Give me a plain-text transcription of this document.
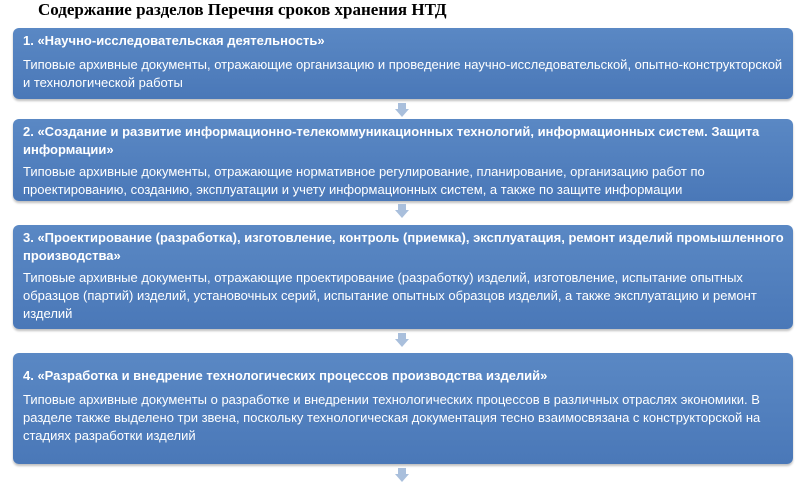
Содержание разделов Перечня сроков хранения НТД
1. «Научно-исследовательская деятельность»
Типовые архивные документы, отражающие организацию и проведение научно-исследовательской, опытно-конструкторской и технологической работы
2. «Создание и развитие информационно-телекоммуникационных технологий, информационных систем. Защита информации»
Типовые архивные документы, отражающие нормативное регулирование, планирование, организацию работ по проектированию, созданию, эксплуатации и учету информационных систем, а также по защите информации
3. «Проектирование (разработка), изготовление, контроль (приемка), эксплуатация, ремонт изделий промышленного производства»
Типовые архивные документы, отражающие проектирование (разработку) изделий, изготовление, испытание опытных образцов (партий) изделий, установочных серий, испытание опытных образцов изделий, а также эксплуатацию и ремонт изделий
4. «Разработка и внедрение технологических процессов производства изделий»
Типовые архивные документы о разработке и внедрении технологических процессов в различных отраслях экономики. В разделе также выделено три звена, поскольку технологическая документация тесно взаимосвязана с конструкторской на стадиях разработки изделий
